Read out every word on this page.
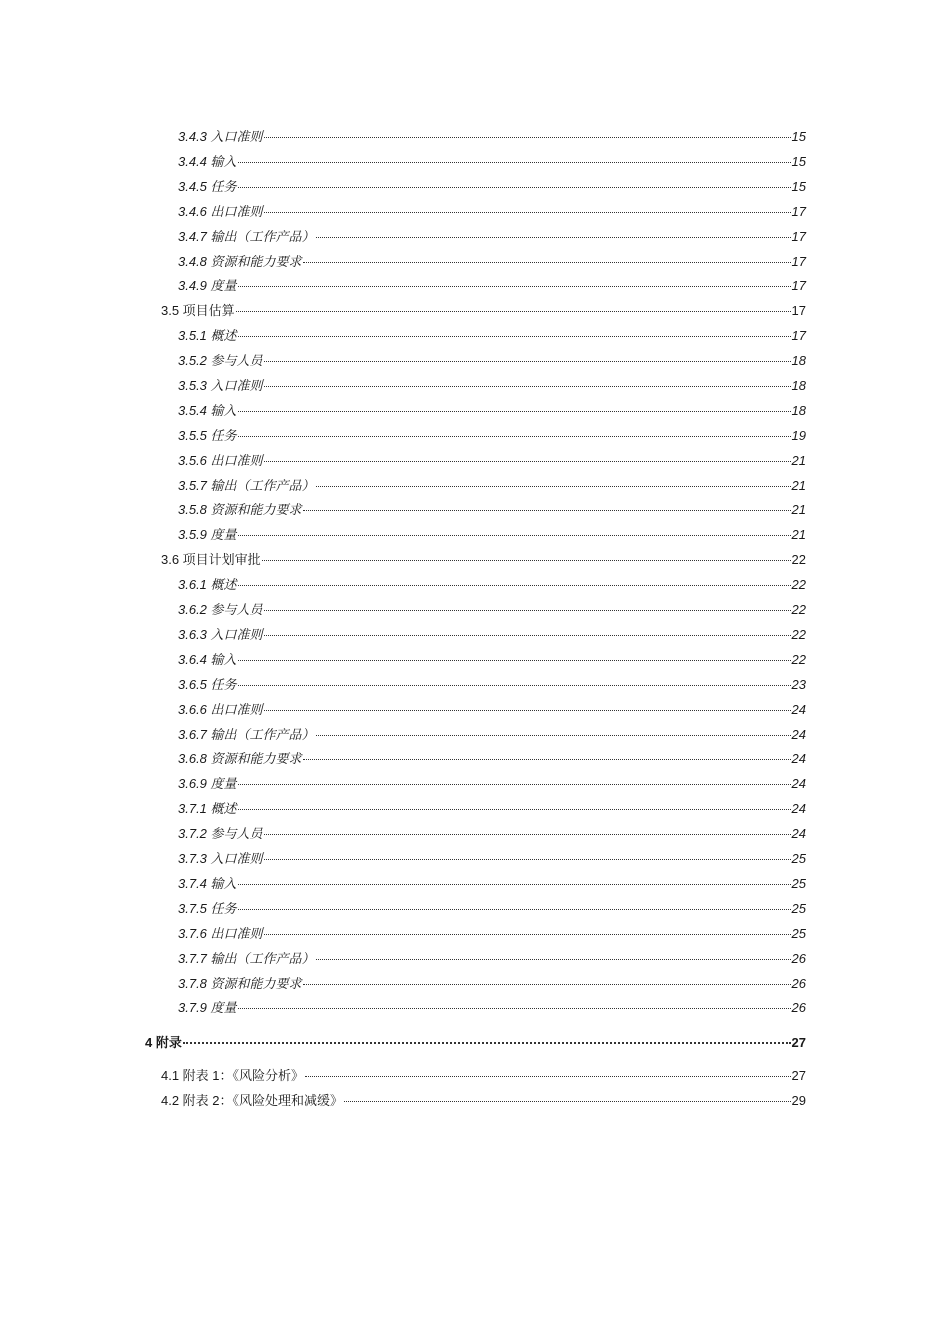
3.4.3 入口准则	15
3.4.4 输入	15
3.4.5 任务	15
3.4.6 出口准则	17
3.4.7 输出（工作产品）	17
3.4.8 资源和能力要求	17
3.4.9 度量	17
3.5 项目估算	17
3.5.1 概述	17
3.5.2 参与人员	18
3.5.3 入口准则	18
3.5.4 输入	18
3.5.5 任务	19
3.5.6 出口准则	21
3.5.7 输出（工作产品）	21
3.5.8 资源和能力要求	21
3.5.9 度量	21
3.6 项目计划审批	22
3.6.1 概述	22
3.6.2 参与人员	22
3.6.3 入口准则	22
3.6.4 输入	22
3.6.5 任务	23
3.6.6 出口准则	24
3.6.7 输出（工作产品）	24
3.6.8 资源和能力要求	24
3.6.9 度量	24
3.7.1 概述	24
3.7.2 参与人员	24
3.7.3 入口准则	25
3.7.4 输入	25
3.7.5 任务	25
3.7.6 出口准则	25
3.7.7 输出（工作产品）	26
3.7.8 资源和能力要求	26
3.7.9 度量	26
4 附录	27
4.1 附表 1：《风险分析》	27
4.2 附表 2：《风险处理和减缓》	29
